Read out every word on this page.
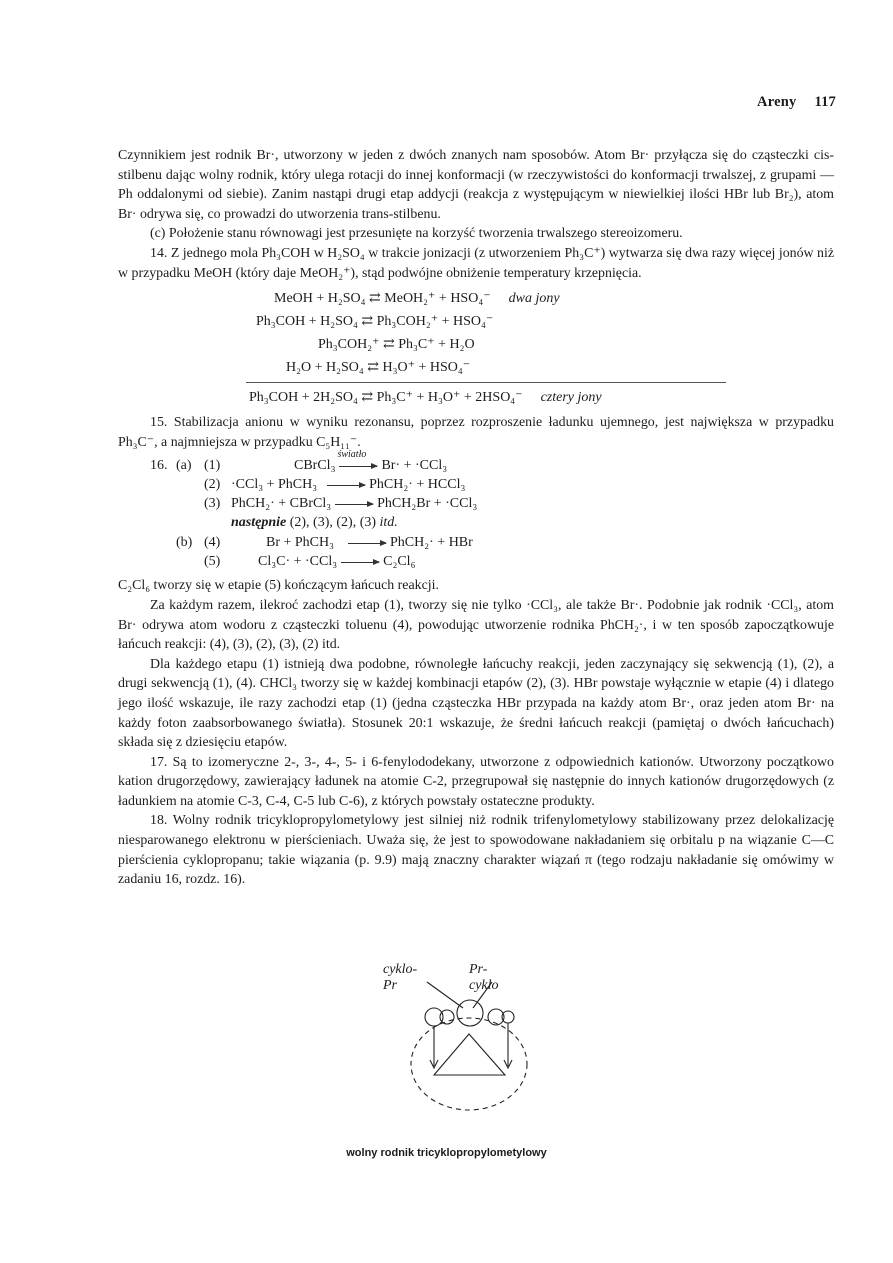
Areny 117

Czynnikiem jest rodnik Br·, utworzony w jeden z dwóch znanych nam sposobów. Atom Br· przyłącza się do cząsteczki cis-stilbenu dając wolny rodnik, który ulega rotacji do innej konformacji (w rzeczywistości do konformacji trwalszej, z grupami —Ph oddalonymi od siebie). Zanim nastąpi drugi etap addycji (reakcja z występującym w niewielkiej ilości HBr lub Br₂), atom Br· odrywa się, co prowadzi do utworzenia trans-stilbenu.

(c) Położenie stanu równowagi jest przesunięte na korzyść tworzenia trwalszego stereoizomeru.

14. Z jednego mola Ph₃COH w H₂SO₄ w trakcie jonizacji (z utworzeniem Ph₃C⁺) wytwarza się dwa razy więcej jonów niż w przypadku MeOH (który daje MeOH₂⁺), stąd podwójne obniżenie temperatury krzepnięcia.

MeOH + H₂SO₄ ⇄ MeOH₂⁺ + HSO₄⁻ dwa jony
Ph₃COH + H₂SO₄ ⇄ Ph₃COH₂⁺ + HSO₄⁻
Ph₃COH₂⁺ ⇄ Ph₃C⁺ + H₂O
H₂O + H₂SO₄ ⇄ H₃O⁺ + HSO₄⁻
Ph₃COH + 2H₂SO₄ ⇄ Ph₃C⁺ + H₃O⁺ + 2HSO₄⁻ cztery jony

15. Stabilizacja anionu w wyniku rezonansu, poprzez rozproszenie ładunku ujemnego, jest największa w przypadku Ph₃C⁻, a najmniejsza w przypadku C₅H₁₁⁻.

16. (a) (1)	CBrCl₃
światło
Br· + ·CCl₃
(2) ·CCl₃ + PhCH₃ → PhCH₂· + HCCl₃
(3) PhCH₂· + CBrCl₃ → PhCH₂Br + ·CCl₃
następnie (2), (3), (2), (3) itd.
(b) (4)	Br + PhCH₃ → PhCH₂· + HBr
(5)	Cl₃C· + ·CCl₃ → C₂Cl₆

C₂Cl₆ tworzy się w etapie (5) kończącym łańcuch reakcji.

Za każdym razem, ilekroć zachodzi etap (1), tworzy się nie tylko ·CCl₃, ale także Br·. Podobnie jak rodnik ·CCl₃, atom Br· odrywa atom wodoru z cząsteczki toluenu (4), powodując utworzenie rodnika PhCH₂·, i w ten sposób zapoczątkowuje łańcuch reakcji: (4), (3), (2), (3), (2) itd.

Dla każdego etapu (1) istnieją dwa podobne, równoległe łańcuchy reakcji, jeden zaczynający się sekwencją (1), (2), a drugi sekwencją (1), (4). CHCl₃ tworzy się w każdej kombinacji etapów (2), (3). HBr powstaje wyłącznie w etapie (4) i dlatego jego ilość wskazuje, ile razy zachodzi etap (1) (jedna cząsteczka HBr przypada na każdy atom Br·, oraz jeden atom Br· na każdy foton zaabsorbowanego światła). Stosunek 20:1 wskazuje, że średni łańcuch reakcji (pamiętaj o dwóch łańcuchach) składa się z dziesięciu etapów.

17. Są to izomeryczne 2-, 3-, 4-, 5- i 6-fenylododekany, utworzone z odpowiednich kationów. Utworzony początkowo kation drugorzędowy, zawierający ładunek na atomie C-2, przegrupował się następnie do innych kationów drugorzędowych (z ładunkiem na atomie C-3, C-4, C-5 lub C-6), z których powstały ostateczne produkty.

18. Wolny rodnik tricyklopropylometylowy jest silniej niż rodnik trifenylometylowy stabilizowany przez delokalizację niesparowanego elektronu w pierścieniach. Uważa się, że jest to spowodowane nakładaniem się orbitalu p na wiązanie C—C pierścienia cyklopropanu; takie wiązania (p. 9.9) mają znaczny charakter wiązań π (tego rodzaju nakładanie się omówimy w zadaniu 16, rozdz. 16).

cyklo-Pr
Pr-cyklo
wolny rodnik tricyklopropylometylowy
